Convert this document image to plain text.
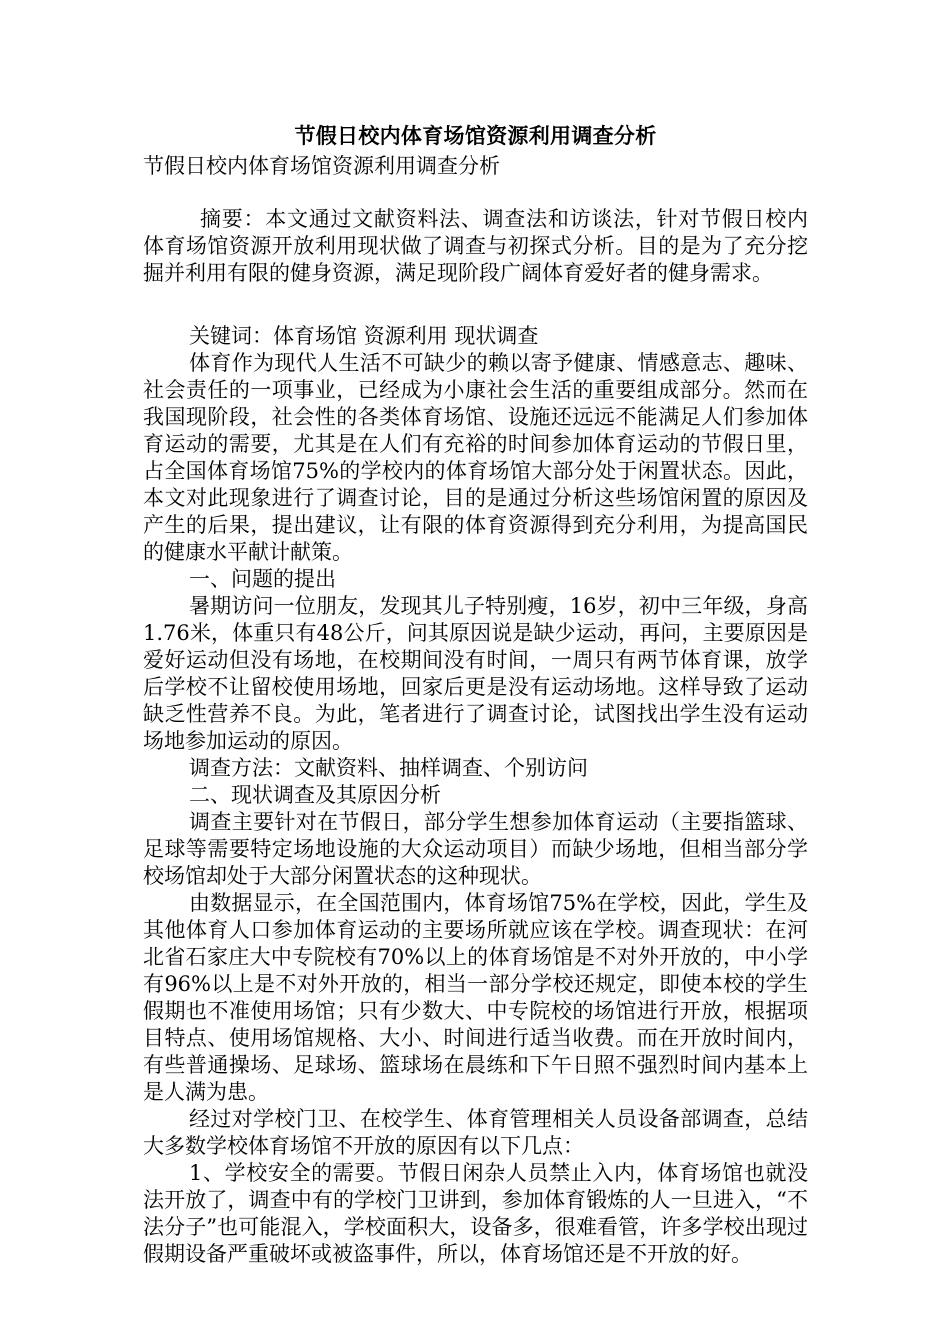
节假日校内体育场馆资源利用调查分析

节假日校内体育场馆资源利用调查分析

摘要：本文通过文献资料法、调查法和访谈法，针对节假日校内体育场馆资源开放利用现状做了调查与初探式分析。目的是为了充分挖掘并利用有限的健身资源，满足现阶段广阔体育爱好者的健身需求。

关键词：体育场馆 资源利用 现状调查

体育作为现代人生活不可缺少的赖以寄予健康、情感意志、趣味、社会责任的一项事业，已经成为小康社会生活的重要组成部分。然而在我国现阶段，社会性的各类体育场馆、设施还远远不能满足人们参加体育运动的需要，尤其是在人们有充裕的时间参加体育运动的节假日里，占全国体育场馆75%的学校内的体育场馆大部分处于闲置状态。因此，本文对此现象进行了调查讨论，目的是通过分析这些场馆闲置的原因及产生的后果，提出建议，让有限的体育资源得到充分利用，为提高国民的健康水平献计献策。

一、问题的提出

暑期访问一位朋友，发现其儿子特别瘦，16岁，初中三年级，身高1.76米，体重只有48公斤，问其原因说是缺少运动，再问，主要原因是爱好运动但没有场地，在校期间没有时间，一周只有两节体育课，放学后学校不让留校使用场地，回家后更是没有运动场地。这样导致了运动缺乏性营养不良。为此，笔者进行了调查讨论，试图找出学生没有运动场地参加运动的原因。

调查方法：文献资料、抽样调查、个别访问

二、现状调查及其原因分析

调查主要针对在节假日，部分学生想参加体育运动（主要指篮球、足球等需要特定场地设施的大众运动项目）而缺少场地，但相当部分学校场馆却处于大部分闲置状态的这种现状。

由数据显示，在全国范围内，体育场馆75%在学校，因此，学生及其他体育人口参加体育运动的主要场所就应该在学校。调查现状：在河北省石家庄大中专院校有70%以上的体育场馆是不对外开放的，中小学有96%以上是不对外开放的，相当一部分学校还规定，即使本校的学生假期也不准使用场馆；只有少数大、中专院校的场馆进行开放，根据项目特点、使用场馆规格、大小、时间进行适当收费。而在开放时间内，有些普通操场、足球场、篮球场在晨练和下午日照不强烈时间内基本上是人满为患。

经过对学校门卫、在校学生、体育管理相关人员设备部调查，总结大多数学校体育场馆不开放的原因有以下几点：

1、学校安全的需要。节假日闲杂人员禁止入内，体育场馆也就没法开放了，调查中有的学校门卫讲到，参加体育锻炼的人一旦进入，“不法分子”也可能混入，学校面积大，设备多，很难看管，许多学校出现过假期设备严重破坏或被盗事件，所以，体育场馆还是不开放的好。
